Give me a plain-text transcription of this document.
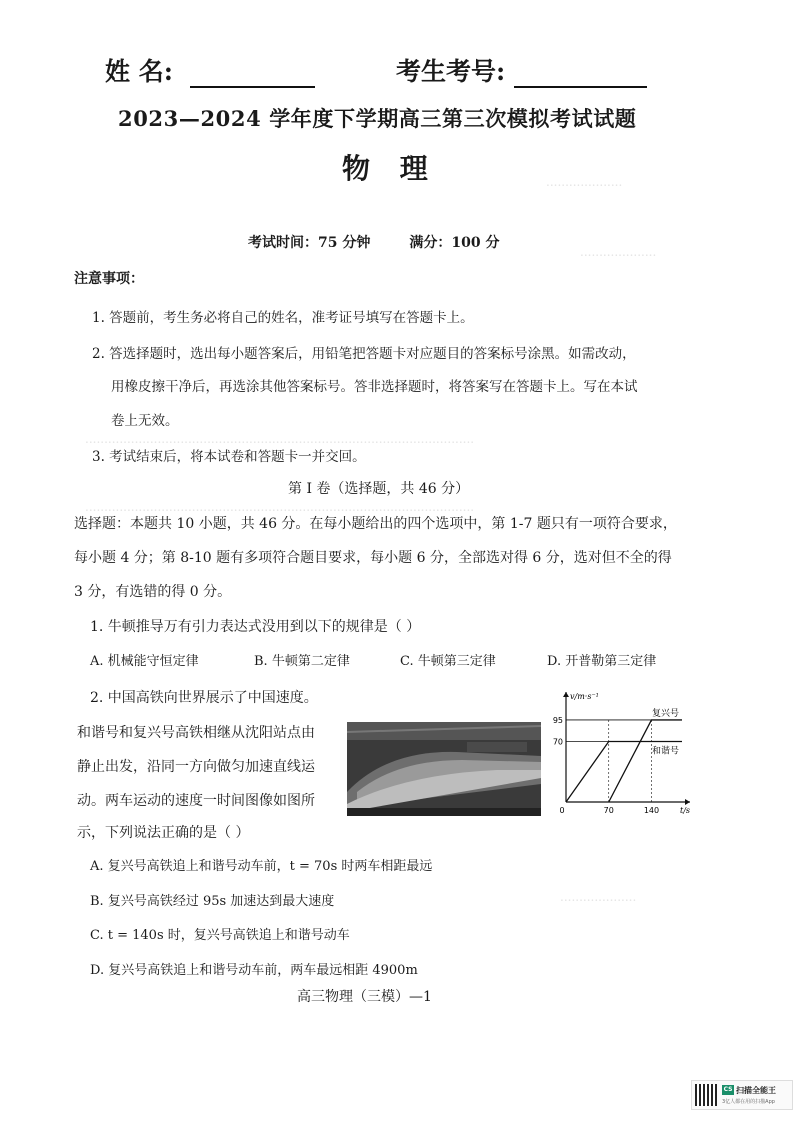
....................
....................
......................................................................................................
......................................................................................................
....................
姓 名:	考生考号:
2023—2024 学年度下学期高三第三次模拟考试试题
物 理
考试时间：75 分钟        满分：100 分
注意事项：
1. 答题前，考生务必将自己的姓名，准考证号填写在答题卡上。
2. 答选择题时，选出每小题答案后，用铅笔把答题卡对应题目的答案标号涂黑。如需改动，
用橡皮擦干净后，再选涂其他答案标号。答非选择题时，将答案写在答题卡上。写在本试
卷上无效。
3. 考试结束后，将本试卷和答题卡一并交回。
第 I 卷（选择题，共 46 分）
选择题：本题共 10 小题，共 46 分。在每小题给出的四个选项中，第 1-7 题只有一项符合要求，
每小题 4 分；第 8-10 题有多项符合题目要求，每小题 6 分，全部选对得 6 分，选对但不全的得
3 分，有选错的得 0 分。
1. 牛顿推导万有引力表达式没用到以下的规律是（ ）
A. 机械能守恒定律	B. 牛顿第二定律	C. 牛顿第三定律	D. 开普勒第三定律
2. 中国高铁向世界展示了中国速度。
和谐号和复兴号高铁相继从沈阳站点由
静止出发，沿同一方向做匀加速直线运
动。两车运动的速度一时间图像如图所
示，下列说法正确的是（ ）
v/m·s⁻¹
t/s
70
95
0	70	140
复兴号
和谐号
A. 复兴号高铁追上和谐号动车前，t = 70s 时两车相距最远
B. 复兴号高铁经过 95s 加速达到最大速度
C. t = 140s 时，复兴号高铁追上和谐号动车
D. 复兴号高铁追上和谐号动车前，两车最远相距 4900m
高三物理（三模）—1
CS 扫描全能王
3亿人都在用的扫描App
